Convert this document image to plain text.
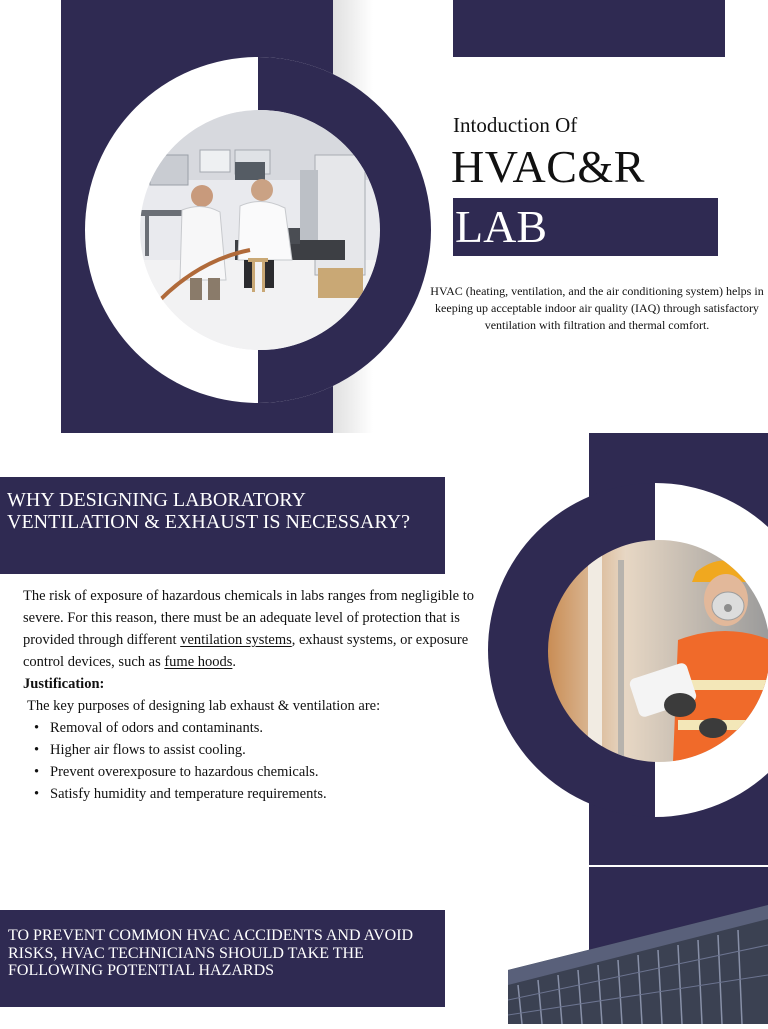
Intoduction Of
HVAC&R
LAB
HVAC (heating, ventilation, and the air conditioning system) helps in keeping up acceptable indoor air quality (IAQ) through satisfactory ventilation with filtration and thermal comfort.
WHY DESIGNING LABORATORY
VENTILATION & EXHAUST IS NECESSARY?

The risk of exposure of hazardous chemicals in labs ranges from negligible to severe. For this reason, there must be an adequate level of protection that is provided through different ventilation systems, exhaust systems, or exposure control devices, such as fume hoods.

Justification:

The key purposes of designing lab exhaust & ventilation are:

• Removal of odors and contaminants.
• Higher air flows to assist cooling.
• Prevent overexposure to hazardous chemicals.
• Satisfy humidity and temperature requirements.
TO PREVENT COMMON HVAC ACCIDENTS AND AVOID
RISKS, HVAC TECHNICIANS SHOULD TAKE THE
FOLLOWING POTENTIAL HAZARDS
